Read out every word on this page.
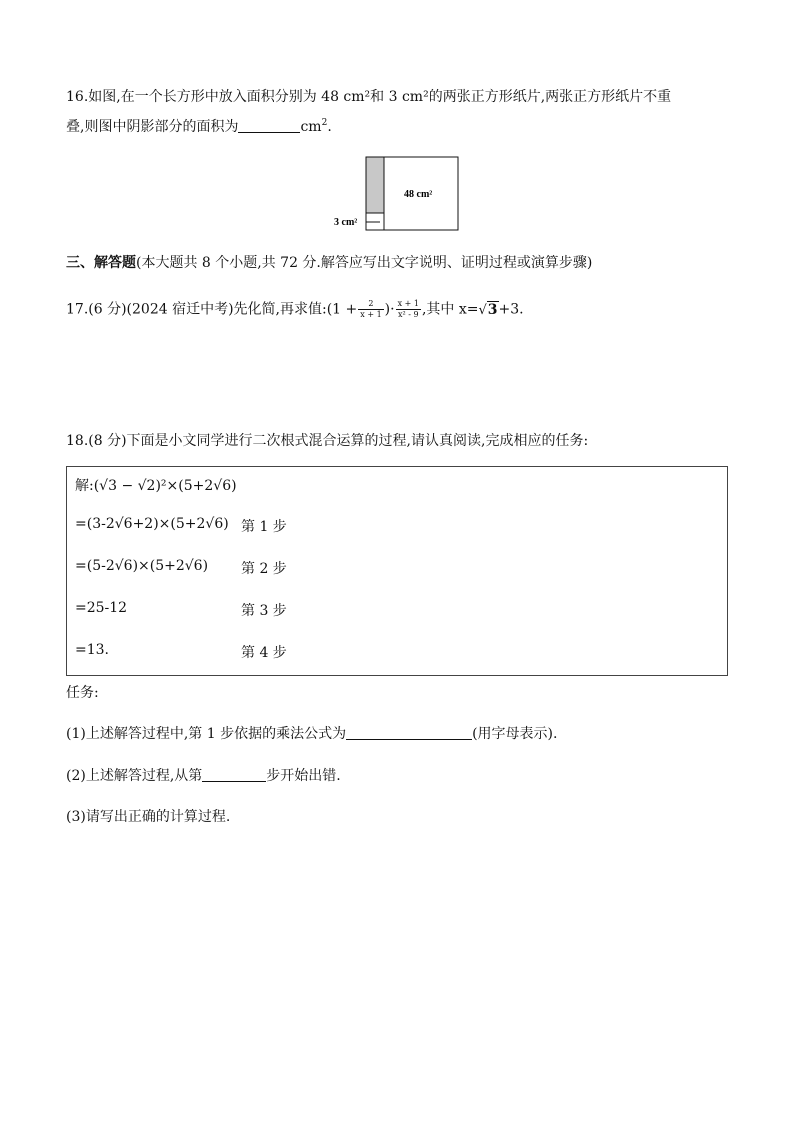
16.如图,在一个长方形中放入面积分别为 48 cm²和 3 cm²的两张正方形纸片,两张正方形纸片不重
叠,则图中阴影部分的面积为	$cm^2$.
48 cm²
3 cm²
三、解答题(本大题共 8 个小题,共 72 分.解答应写出文字说明、证明过程或演算步骤)
17.(6 分)(2024 宿迁中考)先化简,再求值:(1 + $\frac{2}{x + 1}$ )· $\frac{x + 1}{\text{x² - 9}}$ ,其中 x=√3+3.
18.(8 分)下面是小文同学进行二次根式混合运算的过程,请认真阅读,完成相应的任务:
解:(√3 − √2)²×(5+2√6)
=(3-2√6+2)×(5+2√6) 第 1 步
=(5-2√6)×(5+2√6) 第 2 步
=25-12	第 3 步
=13.	第 4 步
任务:
(1)上述解答过程中,第 1 步依据的乘法公式为	(用字母表示).
(2)上述解答过程,从第	步开始出错.
(3)请写出正确的计算过程.
